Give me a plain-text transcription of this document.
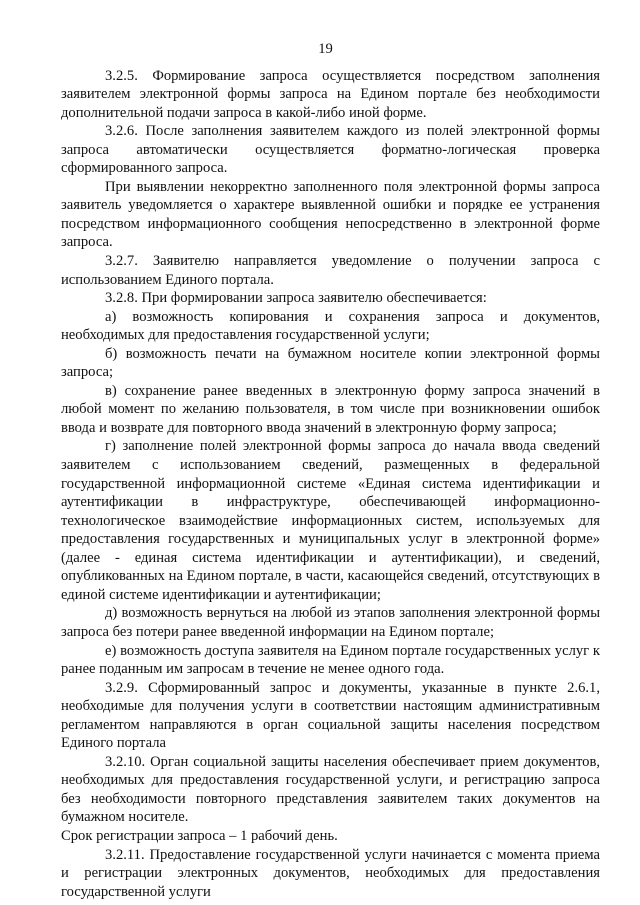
19

3.2.5. Формирование запроса осуществляется посредством заполнения заявителем электронной формы запроса на Едином портале без необходимости дополнительной подачи запроса в какой-либо иной форме.

3.2.6. После заполнения заявителем каждого из полей электронной формы запроса автоматически осуществляется форматно-логическая проверка сформированного запроса.

При выявлении некорректно заполненного поля электронной формы запроса заявитель уведомляется о характере выявленной ошибки и порядке ее устранения посредством информационного сообщения непосредственно в электронной форме запроса.

3.2.7. Заявителю направляется уведомление о получении запроса с использованием Единого портала.

3.2.8. При формировании запроса заявителю обеспечивается:

а) возможность копирования и сохранения запроса и документов, необходимых для предоставления государственной услуги;

б) возможность печати на бумажном носителе копии электронной формы запроса;

в) сохранение ранее введенных в электронную форму запроса значений в любой момент по желанию пользователя, в том числе при возникновении ошибок ввода и возврате для повторного ввода значений в электронную форму запроса;

г) заполнение полей электронной формы запроса до начала ввода сведений заявителем с использованием сведений, размещенных в федеральной государственной информационной системе «Единая система идентификации и аутентификации в инфраструктуре, обеспечивающей информационно-технологическое взаимодействие информационных систем, используемых для предоставления государственных и муниципальных услуг в электронной форме» (далее - единая система идентификации и аутентификации), и сведений, опубликованных на Едином портале, в части, касающейся сведений, отсутствующих в единой системе идентификации и аутентификации;

д) возможность вернуться на любой из этапов заполнения электронной формы запроса без потери ранее введенной информации на Едином портале;

е) возможность доступа заявителя на Едином портале государственных услуг к ранее поданным им запросам в течение не менее одного года.

3.2.9. Сформированный запрос и документы, указанные в пункте 2.6.1, необходимые для получения услуги в соответствии настоящим административным регламентом направляются в орган социальной защиты населения посредством Единого портала

3.2.10. Орган социальной защиты населения обеспечивает прием документов, необходимых для предоставления государственной услуги, и регистрацию запроса без необходимости повторного представления заявителем таких документов на бумажном носителе.

Срок регистрации запроса – 1 рабочий день.

3.2.11. Предоставление государственной услуги начинается с момента приема и регистрации электронных документов, необходимых для предоставления государственной услуги
